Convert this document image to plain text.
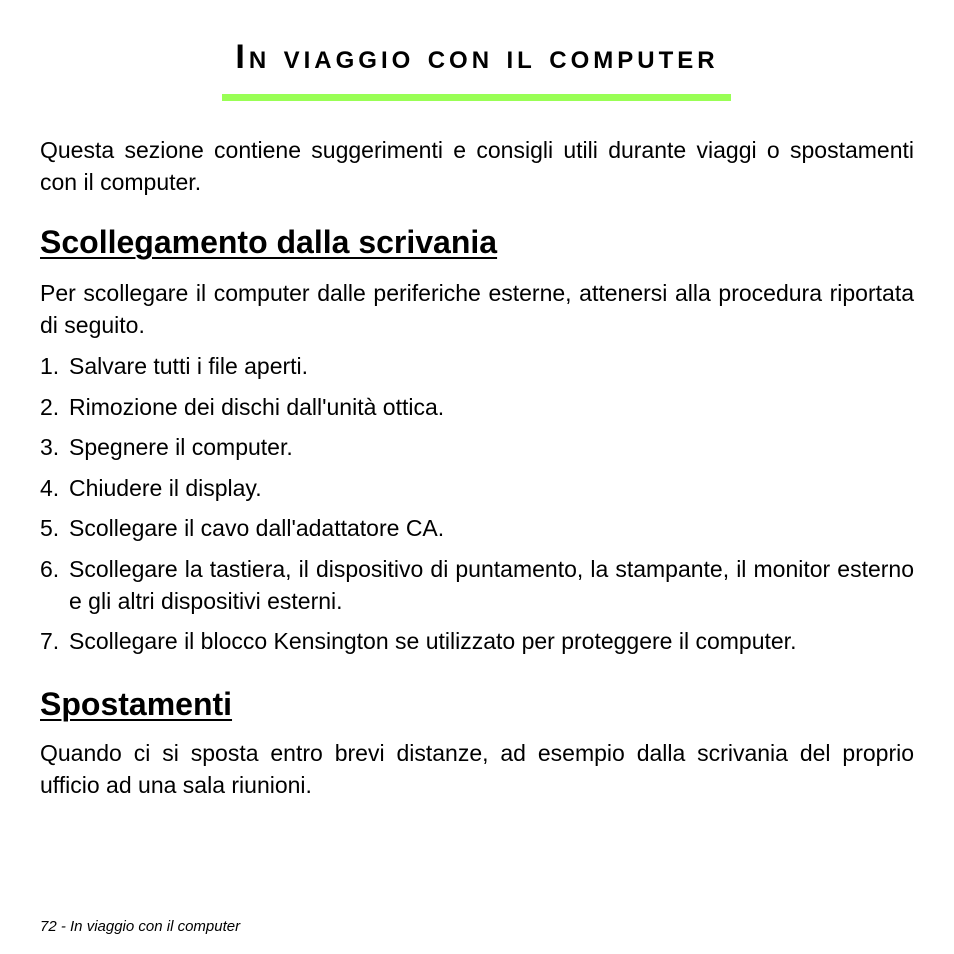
In viaggio con il computer

Questa sezione contiene suggerimenti e consigli utili durante viaggi o spostamenti con il computer.

Scollegamento dalla scrivania

Per scollegare il computer dalle periferiche esterne, attenersi alla procedura riportata di seguito.

1. Salvare tutti i file aperti.
2. Rimozione dei dischi dall'unità ottica.
3. Spegnere il computer.
4. Chiudere il display.
5. Scollegare il cavo dall'adattatore CA.
6. Scollegare la tastiera, il dispositivo di puntamento, la stampante, il monitor esterno e gli altri dispositivi esterni.
7. Scollegare il blocco Kensington se utilizzato per proteggere il computer.
Spostamenti

Quando ci si sposta entro brevi distanze, ad esempio dalla scrivania del proprio ufficio ad una sala riunioni.

72 - In viaggio con il computer
